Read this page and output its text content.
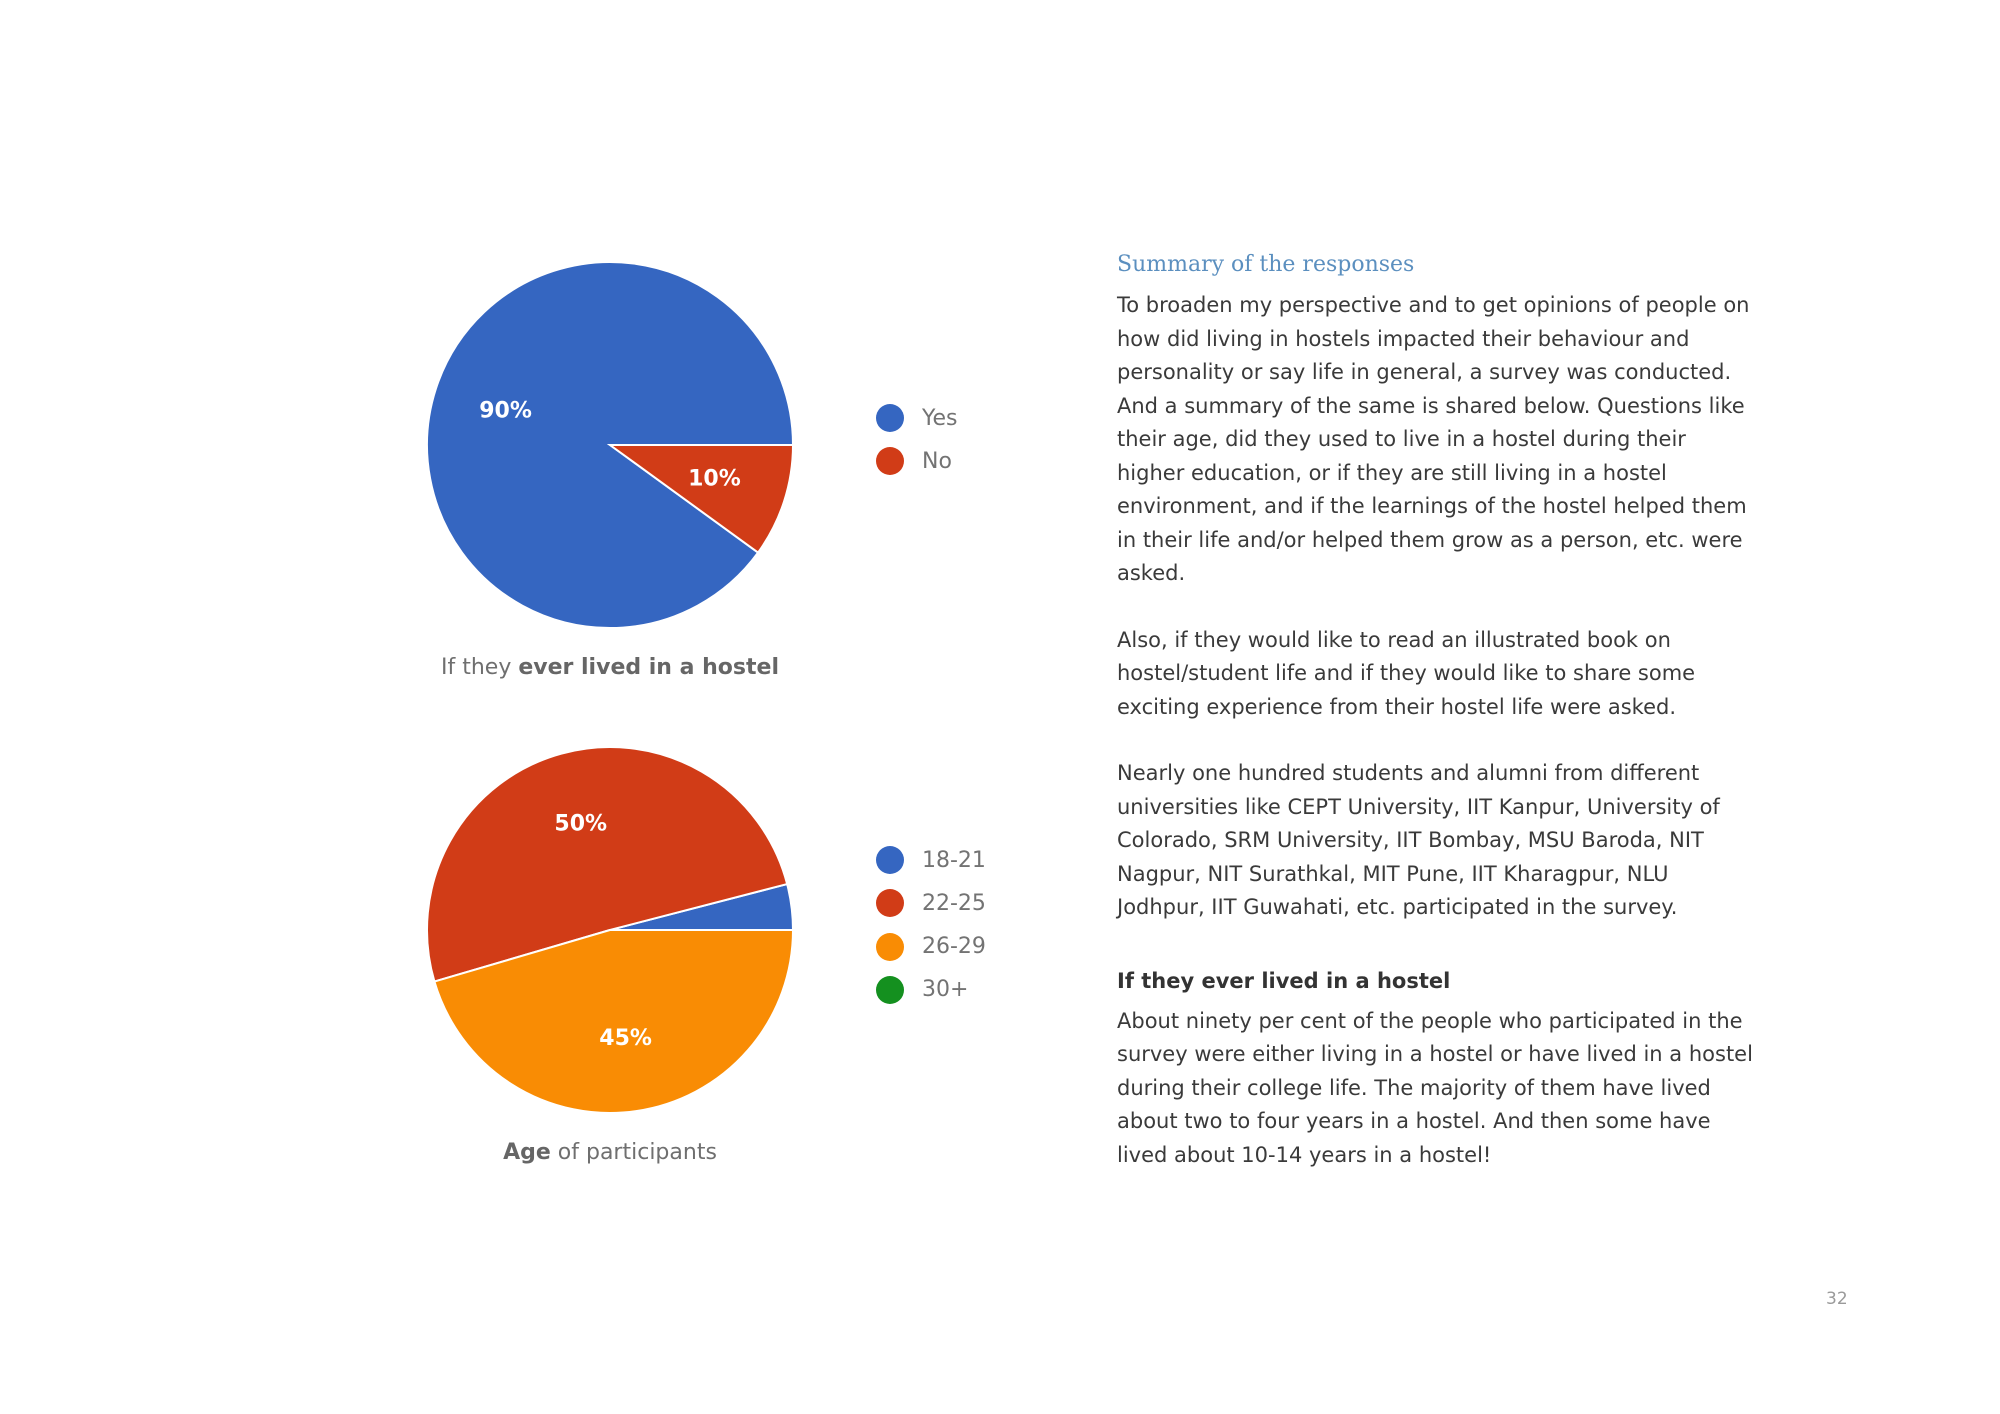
90%
10%
Yes
No
If they ever lived in a hostel
50%
45%
18-21
22-25
26-29
30+
Age of participants
Summary of the responses

To broaden my perspective and to get opinions of people on how did living in hostels impacted their behaviour and personality or say life in general, a survey was conducted. And a summary of the same is shared below. Questions like their age, did they used to live in a hostel during their higher education, or if they are still living in a hostel environment, and if the learnings of the hostel helped them in their life and/or helped them grow as a person, etc. were asked.

Also, if they would like to read an illustrated book on hostel/student life and if they would like to share some exciting experience from their hostel life were asked.

Nearly one hundred students and alumni from different universities like CEPT University, IIT Kanpur, University of Colorado, SRM University, IIT Bombay, MSU Baroda, NIT Nagpur, NIT Surathkal, MIT Pune, IIT Kharagpur, NLU Jodhpur, IIT Guwahati, etc. participated in the survey.

If they ever lived in a hostel

About ninety per cent of the people who participated in the survey were either living in a hostel or have lived in a hostel during their college life. The majority of them have lived about two to four years in a hostel. And then some have lived about 10-14 years in a hostel!

32
